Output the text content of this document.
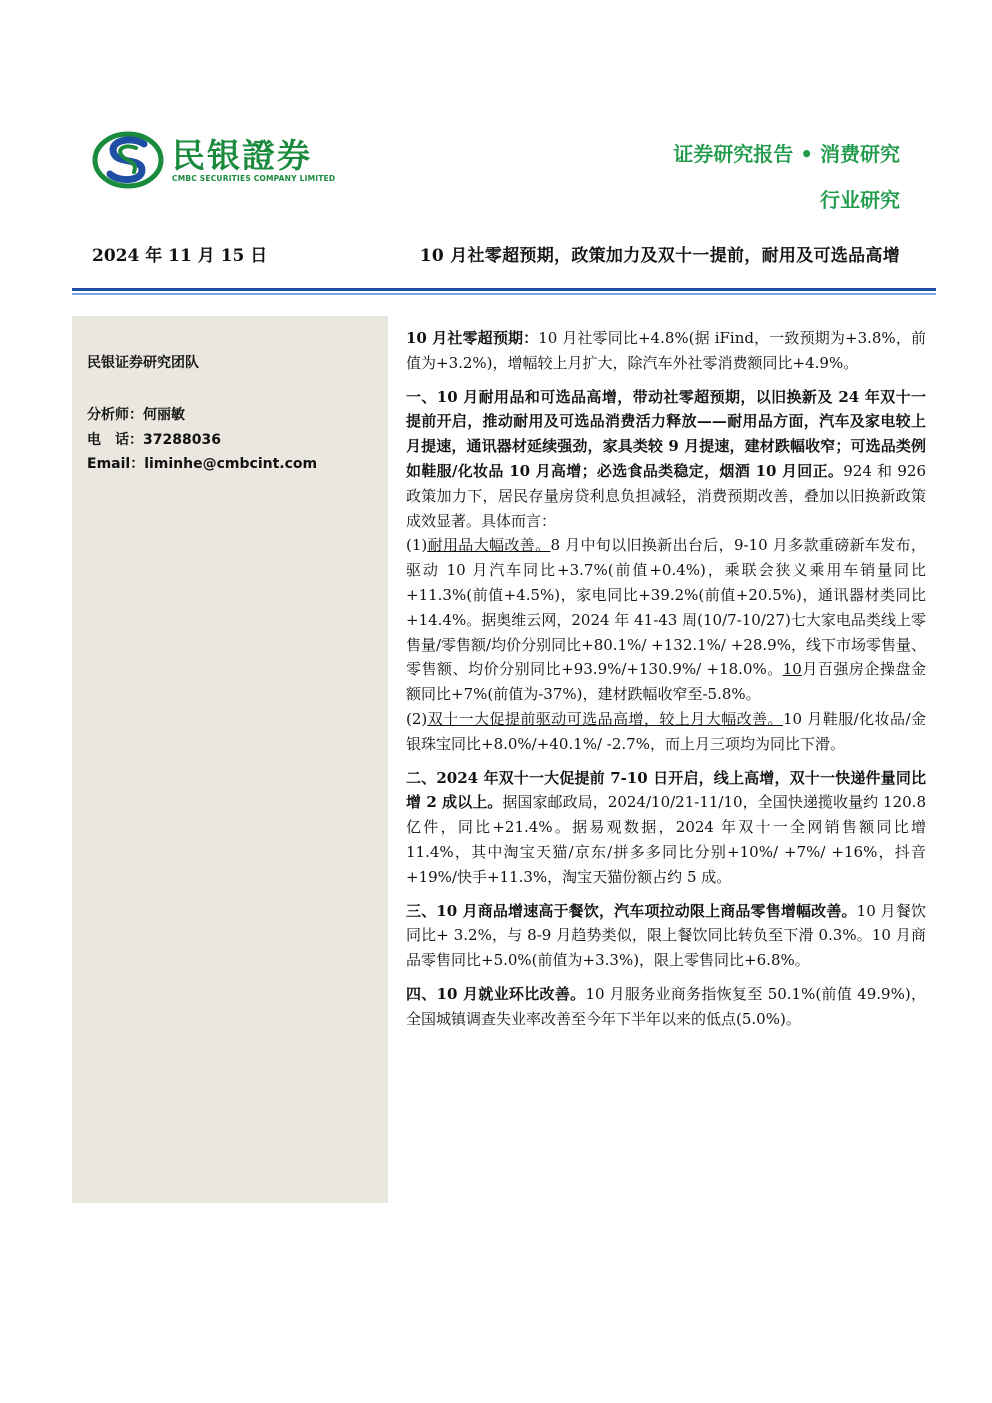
民银證券
CMBC SECURITIES COMPANY LIMITED
证券研究报告 • 消费研究
行业研究
2024 年 11 月 15 日	10 月社零超预期，政策加力及双十一提前，耐用及可选品高增
民银证券研究团队
分析师：何丽敏
电　话：37288036
Email：liminhe@cmbcint.com

10 月社零超预期：10 月社零同比+4.8%(据 iFind，一致预期为+3.8%，前值为+3.2%)，增幅较上月扩大，除汽车外社零消费额同比+4.9%。

一、10 月耐用品和可选品高增，带动社零超预期，以旧换新及 24 年双十一提前开启，推动耐用及可选品消费活力释放——耐用品方面，汽车及家电较上月提速，通讯器材延续强劲，家具类较 9 月提速，建材跌幅收窄；可选品类例如鞋服/化妆品 10 月高增；必选食品类稳定，烟酒 10 月回正。924 和 926 政策加力下，居民存量房贷利息负担减轻，消费预期改善，叠加以旧换新政策成效显著。具体而言：
(1)耐用品大幅改善。8 月中旬以旧换新出台后，9-10 月多款重磅新车发布，驱动 10 月汽车同比+3.7%(前值+0.4%)，乘联会狭义乘用车销量同比+11.3%(前值+4.5%)，家电同比+39.2%(前值+20.5%)，通讯器材类同比+14.4%。据奥维云网，2024 年 41-43 周(10/7-10/27)七大家电品类线上零售量/零售额/均价分别同比+80.1%/ +132.1%/ +28.9%，线下市场零售量、零售额、均价分别同比+93.9%/+130.9%/ +18.0%。10月百强房企操盘金额同比+7%(前值为-37%)，建材跌幅收窄至-5.8%。
(2)双十一大促提前驱动可选品高增，较上月大幅改善。10 月鞋服/化妆品/金银珠宝同比+8.0%/+40.1%/ -2.7%，而上月三项均为同比下滑。

二、2024 年双十一大促提前 7-10 日开启，线上高增，双十一快递件量同比增 2 成以上。据国家邮政局，2024/10/21-11/10，全国快递揽收量约 120.8 亿件，同比+21.4%。据易观数据，2024 年双十一全网销售额同比增 11.4%，其中淘宝天猫/京东/拼多多同比分别+10%/ +7%/ +16%，抖音+19%/快手+11.3%，淘宝天猫份额占约 5 成。

三、10 月商品增速高于餐饮，汽车项拉动限上商品零售增幅改善。10 月餐饮同比+ 3.2%，与 8-9 月趋势类似，限上餐饮同比转负至下滑 0.3%。10 月商品零售同比+5.0%(前值为+3.3%)，限上零售同比+6.8%。

四、10 月就业环比改善。10 月服务业商务指恢复至 50.1%(前值 49.9%)，全国城镇调查失业率改善至今年下半年以来的低点(5.0%)。
